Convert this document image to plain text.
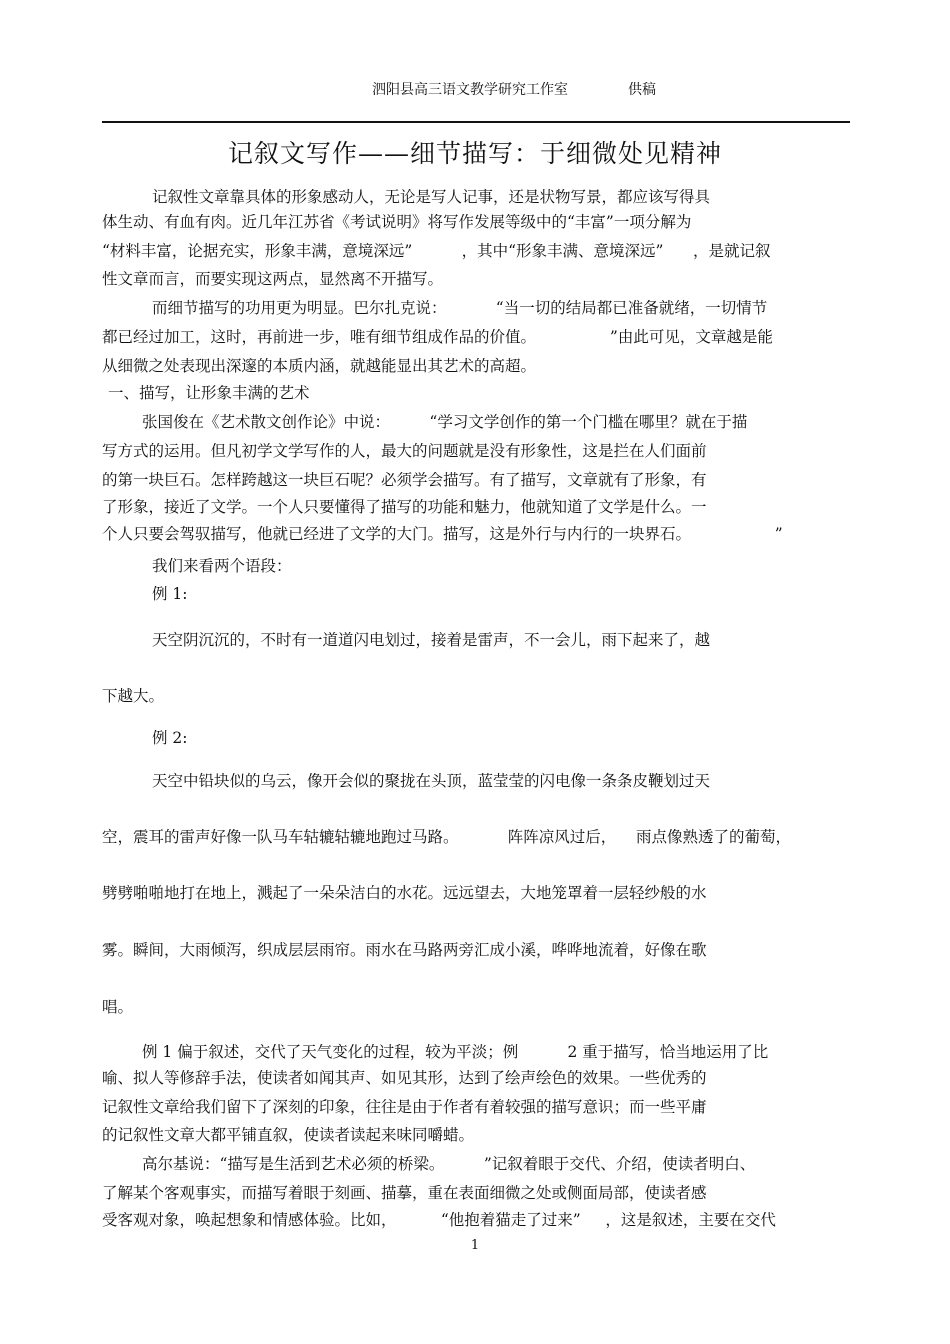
泗阳县高三语文教学研究工作室	供稿
记叙文写作——细节描写：于细微处见精神
记叙性文章靠具体的形象感动人，无论是写人记事，还是状物写景，都应该写得具
体生动、有血有肉。近几年江苏省《考试说明》将写作发展等级中的“丰富”一项分解为
“材料丰富，论据充实，形象丰满，意境深远”          ，其中“形象丰满、意境深远”      ，是就记叙
性文章而言，而要实现这两点，显然离不开描写。
而细节描写的功用更为明显。巴尔扎克说：          “当一切的结局都已准备就绪，一切情节
都已经过加工，这时，再前进一步，唯有细节组成作品的价值。               ”由此可见，文章越是能
从细微之处表现出深邃的本质内涵，就越能显出其艺术的高超。
一、描写，让形象丰满的艺术
张国俊在《艺术散文创作论》中说：        “学习文学创作的第一个门槛在哪里？就在于描
写方式的运用。但凡初学文学写作的人，最大的问题就是没有形象性，这是拦在人们面前
的第一块巨石。怎样跨越这一块巨石呢？必须学会描写。有了描写，文章就有了形象，有
了形象，接近了文学。一个人只要懂得了描写的功能和魅力，他就知道了文学是什么。一
个人只要会驾驭描写，他就已经进了文学的大门。描写，这是外行与内行的一块界石。                 ”
我们来看两个语段：
例 1:
天空阴沉沉的，不时有一道道闪电划过，接着是雷声，不一会儿，雨下起来了，越
下越大。
例 2:
天空中铅块似的乌云，像开会似的聚拢在头顶，蓝莹莹的闪电像一条条皮鞭划过天
空，震耳的雷声好像一队马车轱辘轱辘地跑过马路。          阵阵凉风过后，    雨点像熟透了的葡萄，
劈劈啪啪地打在地上，溅起了一朵朵洁白的水花。远远望去，大地笼罩着一层轻纱般的水
雾。瞬间，大雨倾泻，织成层层雨帘。雨水在马路两旁汇成小溪，哗哗地流着，好像在歌
唱。
例 1 偏于叙述，交代了天气变化的过程，较为平淡；例          2 重于描写，恰当地运用了比
喻、拟人等修辞手法，使读者如闻其声、如见其形，达到了绘声绘色的效果。一些优秀的
记叙性文章给我们留下了深刻的印象，往往是由于作者有着较强的描写意识；而一些平庸
的记叙性文章大都平铺直叙，使读者读起来味同嚼蜡。
高尔基说：“描写是生活到艺术必须的桥梁。        ”记叙着眼于交代、介绍，使读者明白、
了解某个客观事实，而描写着眼于刻画、描摹，重在表面细微之处或侧面局部，使读者感
受客观对象，唤起想象和情感体验。比如，         “他抱着猫走了过来”     ，这是叙述，主要在交代
1
